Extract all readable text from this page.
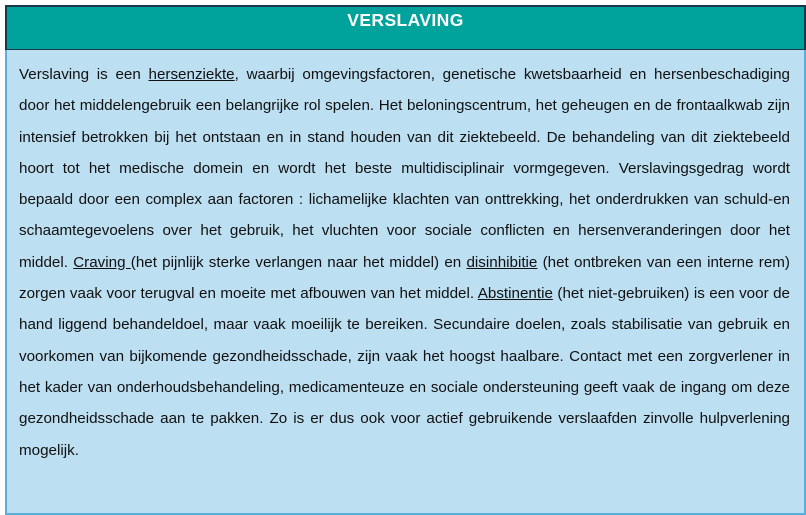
VERSLAVING

Verslaving is een hersenziekte, waarbij omgevingsfactoren, genetische kwetsbaarheid en hersenbeschadiging door het middelengebruik een belangrijke rol spelen. Het beloningscentrum, het geheugen en de frontaalkwab zijn intensief betrokken bij het ontstaan en in stand houden van dit ziektebeeld. De behandeling van dit ziektebeeld hoort tot het medische domein en wordt het beste multidisciplinair vormgegeven. Verslavingsgedrag wordt bepaald door een complex aan factoren : lichamelijke klachten van onttrekking, het onderdrukken van schuld-en schaamtegevoelens over het gebruik, het vluchten voor sociale conflicten en hersenveranderingen door het middel. Craving (het pijnlijk sterke verlangen naar het middel) en disinhibitie (het ontbreken van een interne rem) zorgen vaak voor terugval en moeite met afbouwen van het middel. Abstinentie (het niet-gebruiken) is een voor de hand liggend behandeldoel, maar vaak moeilijk te bereiken. Secundaire doelen, zoals stabilisatie van gebruik en voorkomen van bijkomende gezondheidsschade, zijn vaak het hoogst haalbare. Contact met een zorgverlener in het kader van onderhoudsbehandeling, medicamenteuze en sociale ondersteuning geeft vaak de ingang om deze gezondheidsschade aan te pakken. Zo is er dus ook voor actief gebruikende verslaafden zinvolle hulpverlening mogelijk.
